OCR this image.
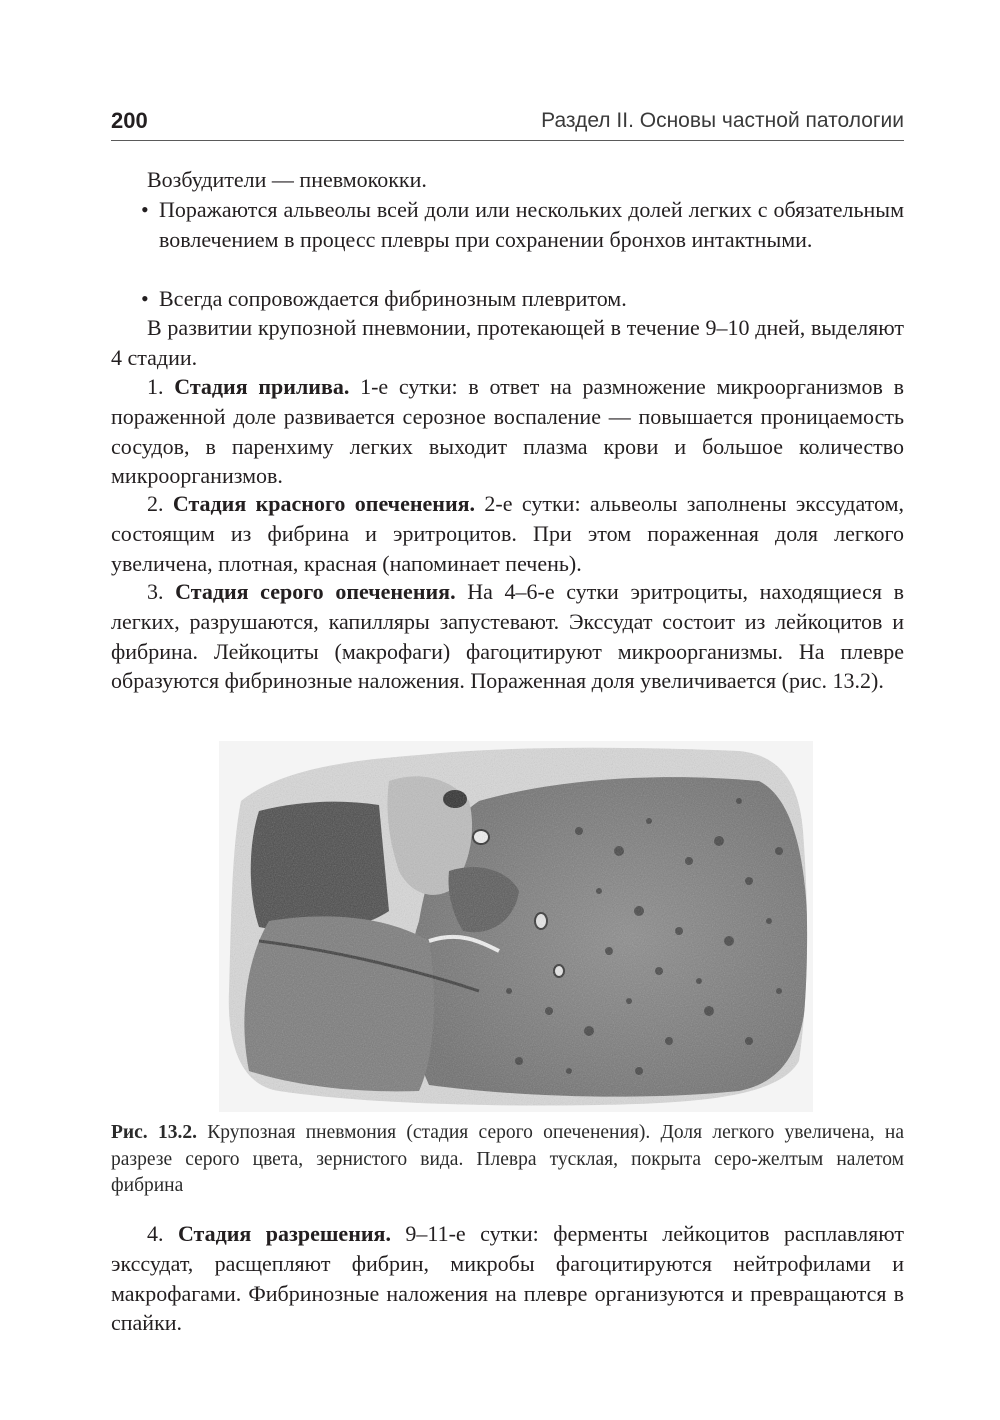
200	Раздел II. Основы частной патологии

Возбудители — пневмококки.

• Поражаются альвеолы всей доли или нескольких долей легких с обязательным вовлечением в процесс плевры при сохранении бронхов интактными.
• Всегда сопровождается фибринозным плевритом.

В развитии крупозной пневмонии, протекающей в течение 9–10 дней, выделяют 4 стадии.

1. Стадия прилива. 1-е сутки: в ответ на размножение микроорганизмов в пораженной доле развивается серозное воспаление — повышается проницаемость сосудов, в паренхиму легких выходит плазма крови и большое количество микроорганизмов.

2. Стадия красного опеченения. 2-е сутки: альвеолы заполнены экссудатом, состоящим из фибрина и эритроцитов. При этом пораженная доля легкого увеличена, плотная, красная (напоминает печень).

3. Стадия серого опеченения. На 4–6-е сутки эритроциты, находящиеся в легких, разрушаются, капилляры запустевают. Экссудат состоит из лейкоцитов и фибрина. Лейкоциты (макрофаги) фагоцитируют микроорганизмы. На плевре образуются фибринозные наложения. Пораженная доля увеличивается (рис. 13.2).

Рис. 13.2. Крупозная пневмония (стадия серого опеченения). Доля легкого увеличена, на разрезе серого цвета, зернистого вида. Плевра тусклая, покрыта серо-желтым налетом фибрина

4. Стадия разрешения. 9–11-е сутки: ферменты лейкоцитов расплавляют экссудат, расщепляют фибрин, микробы фагоцитируются нейтрофилами и макрофагами. Фибринозные наложения на плевре организуются и превращаются в спайки.
